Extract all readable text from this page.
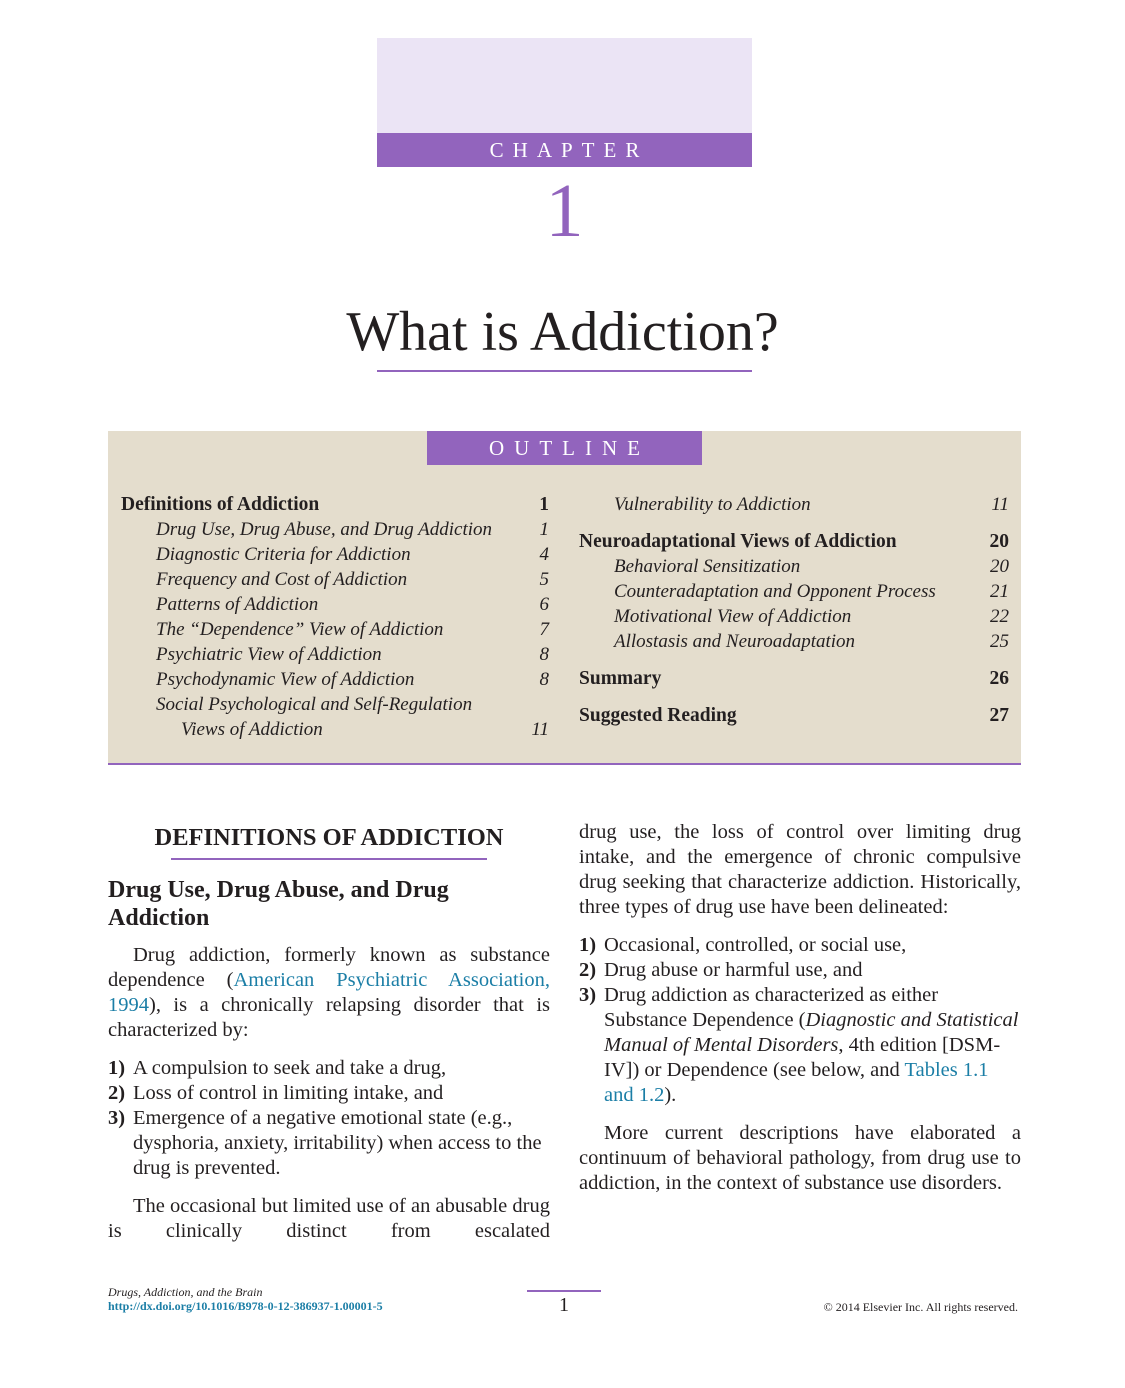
CHAPTER
1
What is Addiction?
OUTLINE
Definitions of Addiction	1
Drug Use, Drug Abuse, and Drug Addiction 1
Diagnostic Criteria for Addiction	4
Frequency and Cost of Addiction	5
Patterns of Addiction	6
The “Dependence” View of Addiction	7
Psychiatric View of Addiction	8
Psychodynamic View of Addiction	8
Social Psychological and Self-Regulation
Views of Addiction	11
Vulnerability to Addiction	11
Neuroadaptational Views of Addiction	20
Behavioral Sensitization	20
Counteradaptation and Opponent Process	21
Motivational View of Addiction	22
Allostasis and Neuroadaptation	25
Summary	26
Suggested Reading	27
DEFINITIONS OF ADDICTION
Drug Use, Drug Abuse, and Drug Addiction

Drug addiction, formerly known as substance dependence (American Psychiatric Association, 1994), is a chronically relapsing disorder that is characterized by:

1) A compulsion to seek and take a drug,
2) Loss of control in limiting intake, and
3) Emergence of a negative emotional state (e.g., dysphoria, anxiety, irritability) when access to the drug is prevented.

The occasional but limited use of an abusable drug is clinically distinct from escalated

drug use, the loss of control over limiting drug intake, and the emergence of chronic compulsive drug seeking that characterize addiction. Historically, three types of drug use have been delineated:

1) Occasional, controlled, or social use,
2) Drug abuse or harmful use, and
3) Drug addiction as characterized as either Substance Dependence (Diagnostic and Statistical Manual of Mental Disorders, 4th edition [DSM-IV]) or Dependence (see below, and Tables 1.1 and 1.2).

More current descriptions have elaborated a continuum of behavioral pathology, from drug use to addiction, in the context of substance use disorders.

Drugs, Addiction, and the Brain
http://dx.doi.org/10.1016/B978-0-12-386937-1.00001-5	1	© 2014 Elsevier Inc. All rights reserved.
